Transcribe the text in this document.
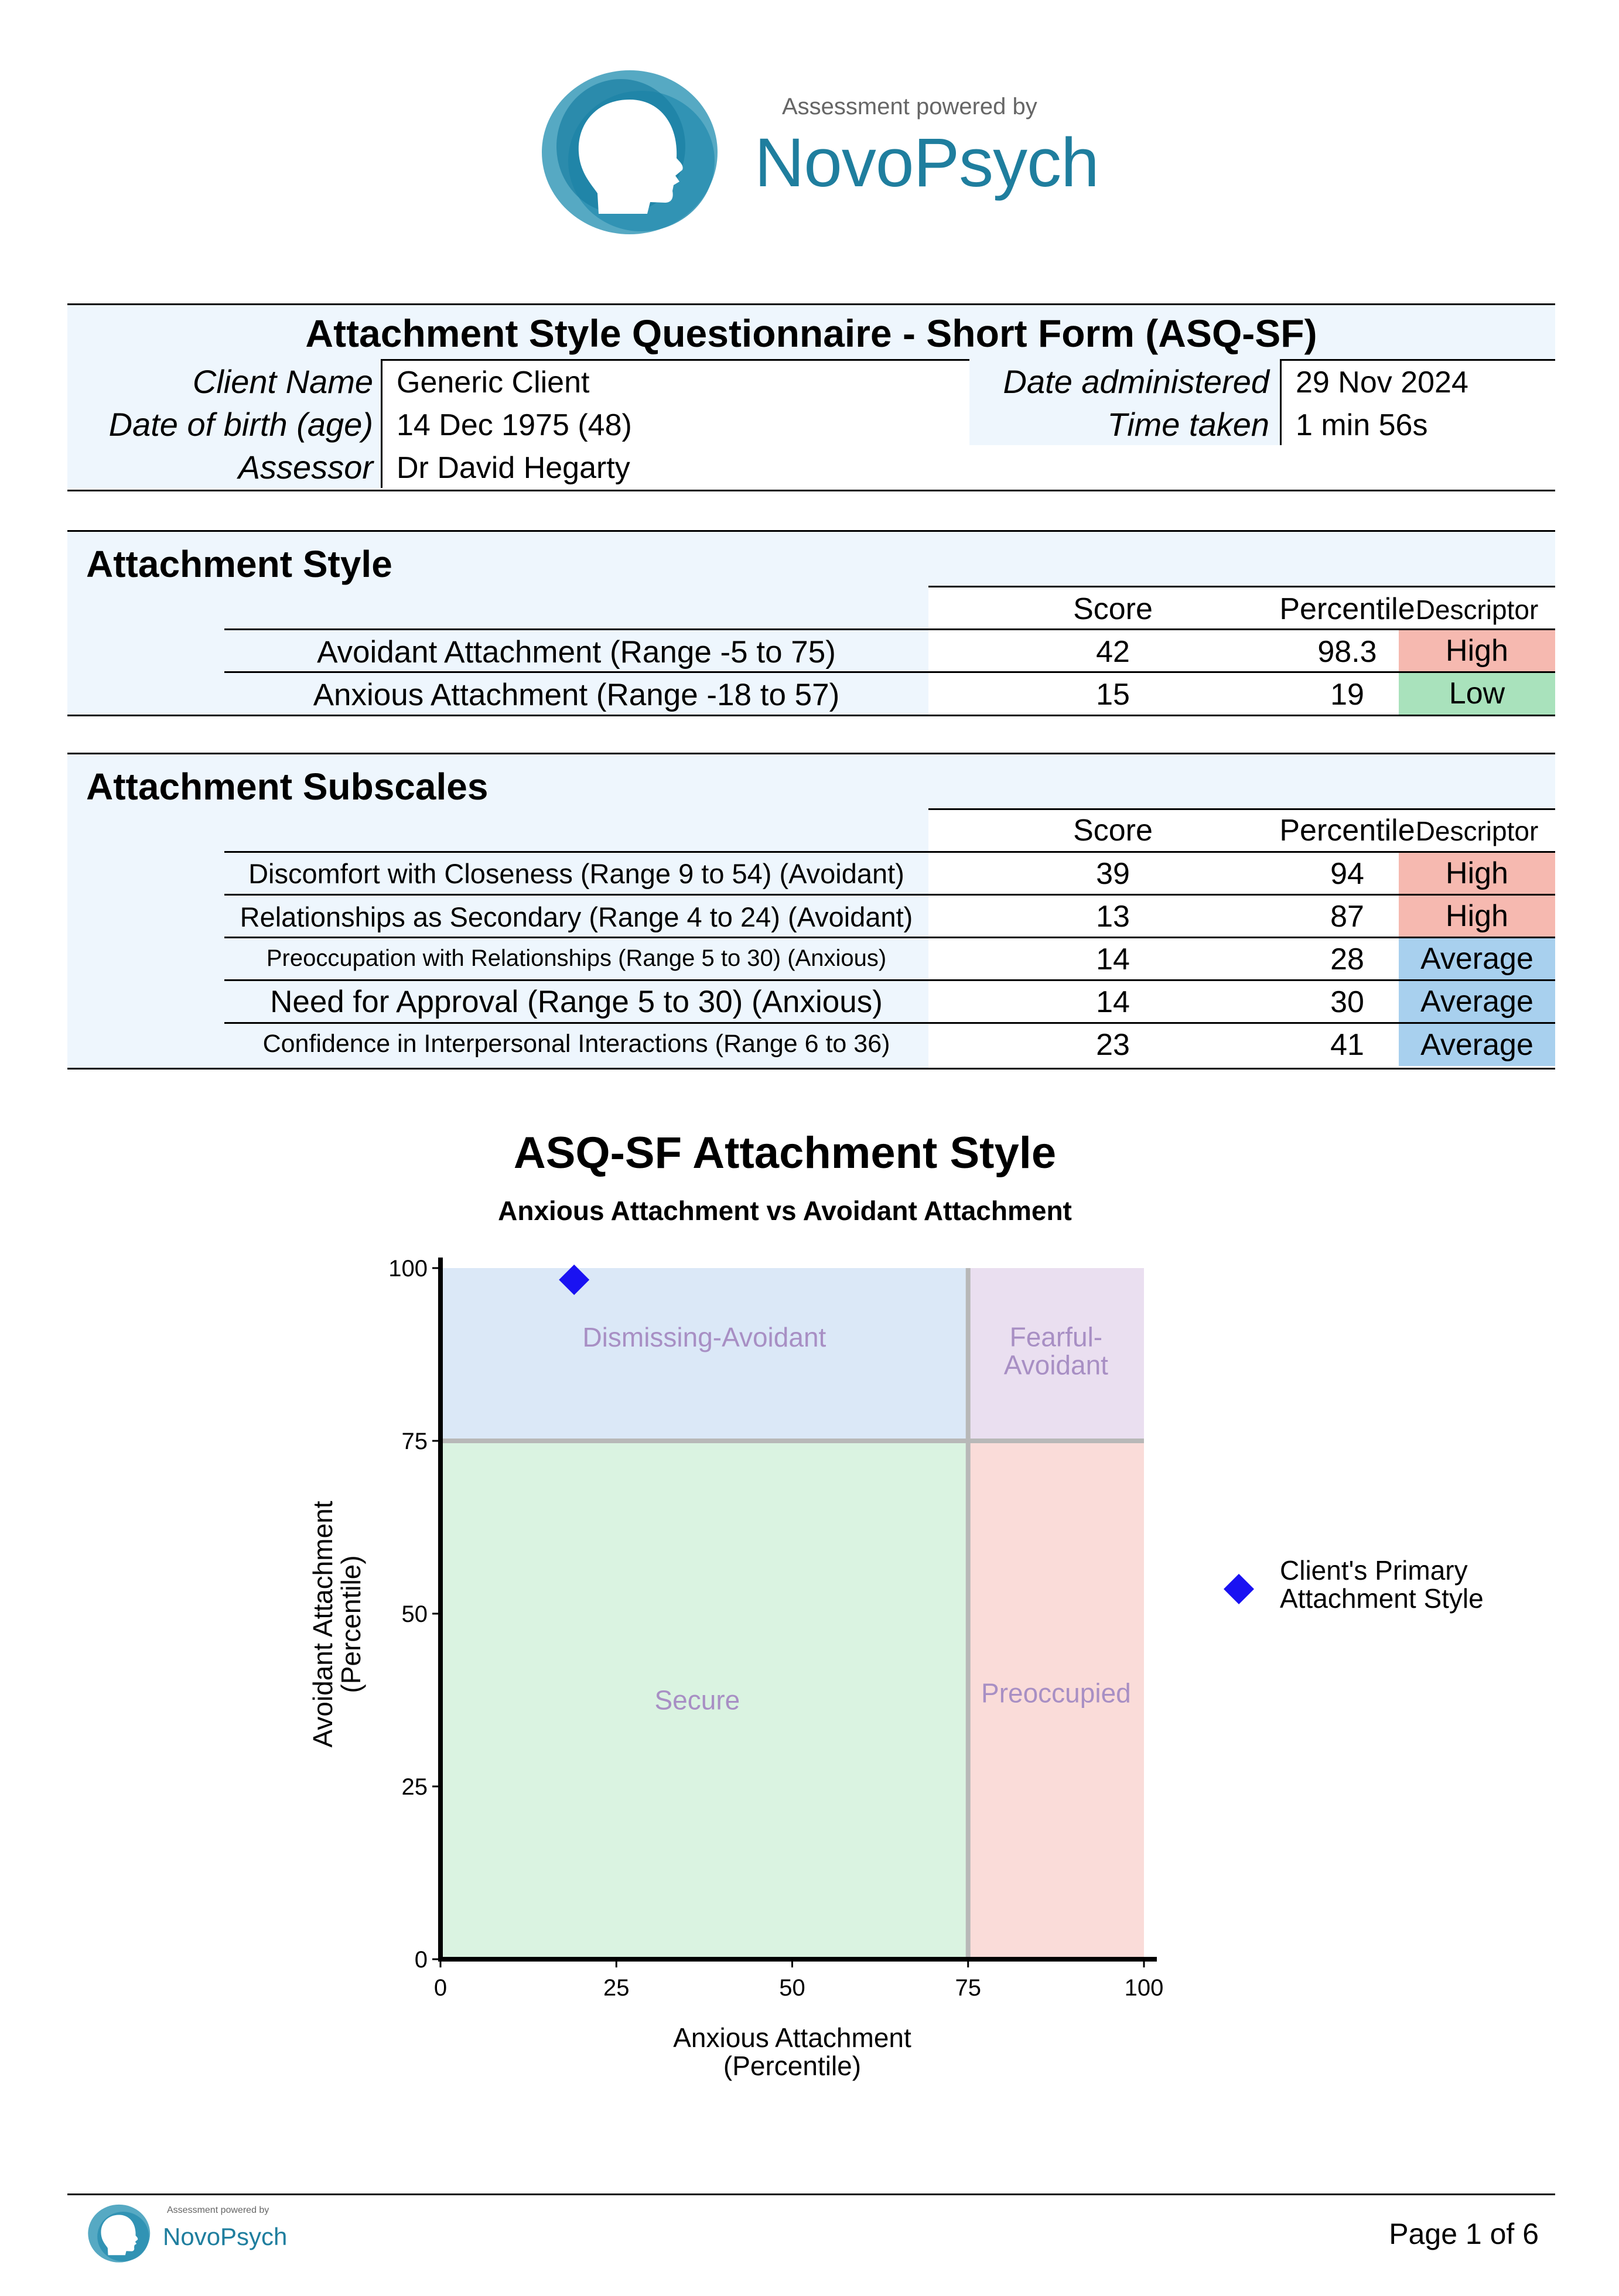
Assessment powered by
NovoPsych
Attachment Style Questionnaire - Short Form (ASQ-SF)
Client Name Generic Client
Date of birth (age) 14 Dec 1975 (48)
Assessor Dr David Hegarty
Date administered 29 Nov 2024
Time taken 1 min 56s
Attachment Style
Score	Percentile Descriptor
Avoidant Attachment (Range -5 to 75)	42	98.3	High
Anxious Attachment (Range -18 to 57)	15	19	Low
Attachment Subscales
Score	Percentile Descriptor
Discomfort with Closeness (Range 9 to 54) (Avoidant)	39	94	High
Relationships as Secondary (Range 4 to 24) (Avoidant)	13	87	High
Preoccupation with Relationships (Range 5 to 30) (Anxious)	14	28	Average
Need for Approval (Range 5 to 30) (Anxious)	14	30	Average
Confidence in Interpersonal Interactions (Range 6 to 36)	23	41	Average
ASQ-SF Attachment Style
Anxious Attachment vs Avoidant Attachment
Dismissing-Avoidant	Fearful-Avoidant
Secure	Preoccupied
0	25	50	75	100
0
25
50
75
100
Anxious Attachment (Percentile)
Avoidant Attachment(Percentile)	Client's Primary Attachment Style
Assessment powered by
NovoPsych	Page 1 of 6
